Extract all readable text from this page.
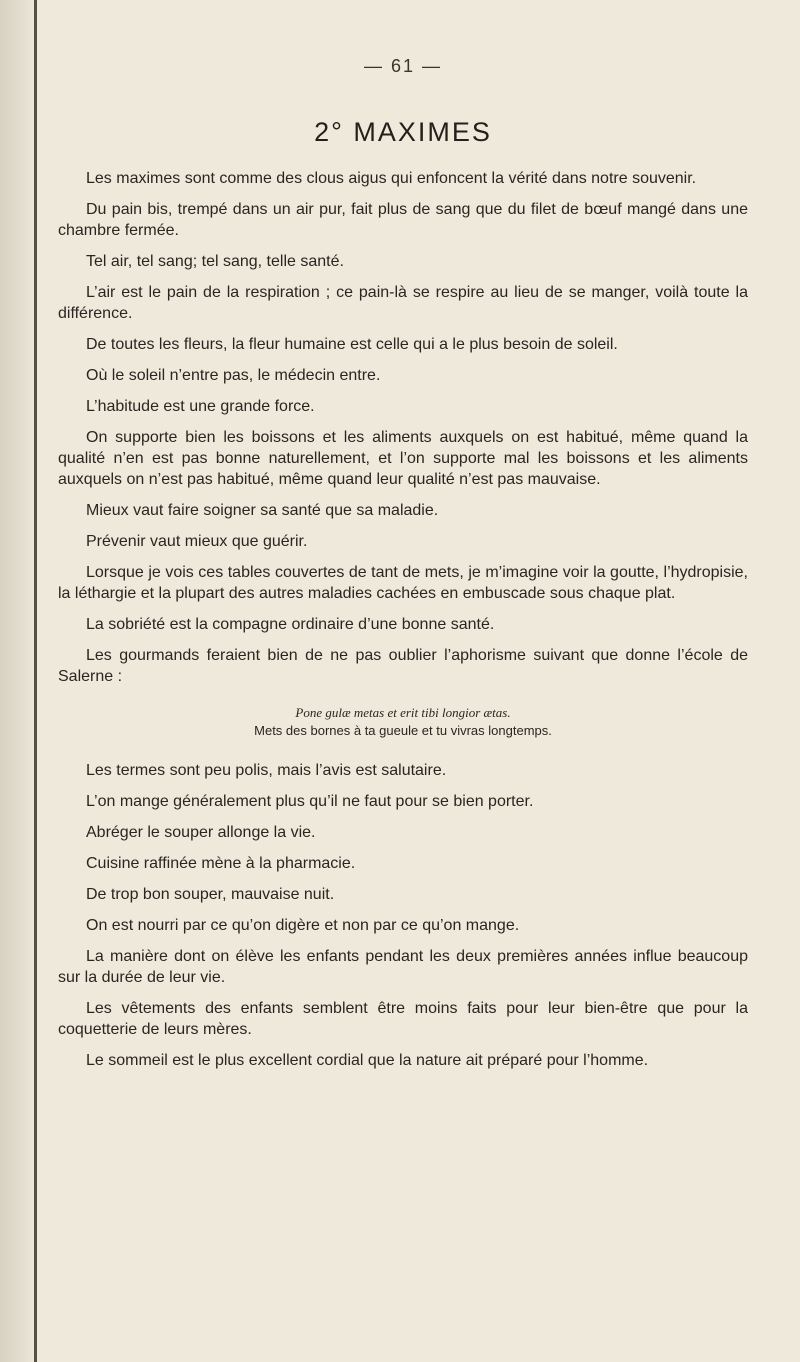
— 61 —
2° MAXIMES

Les maximes sont comme des clous aigus qui enfoncent la vérité dans notre souvenir.

Du pain bis, trempé dans un air pur, fait plus de sang que du filet de bœuf mangé dans une chambre fermée.

Tel air, tel sang; tel sang, telle santé.

L’air est le pain de la respiration ; ce pain-là se respire au lieu de se manger, voilà toute la différence.

De toutes les fleurs, la fleur humaine est celle qui a le plus besoin de soleil.

Où le soleil n’entre pas, le médecin entre.

L’habitude est une grande force.

On supporte bien les boissons et les aliments auxquels on est habitué, même quand la qualité n’en est pas bonne naturellement, et l’on supporte mal les boissons et les aliments auxquels on n’est pas habitué, même quand leur qualité n’est pas mauvaise.

Mieux vaut faire soigner sa santé que sa maladie.

Prévenir vaut mieux que guérir.

Lorsque je vois ces tables couvertes de tant de mets, je m’imagine voir la goutte, l’hydropisie, la léthargie et la plupart des autres maladies cachées en embuscade sous chaque plat.

La sobriété est la compagne ordinaire d’une bonne santé.

Les gourmands feraient bien de ne pas oublier l’aphorisme suivant que donne l’école de Salerne :

Pone gulæ metas et erit tibi longior ætas.
Mets des bornes à ta gueule et tu vivras longtemps.

Les termes sont peu polis, mais l’avis est salutaire.

L’on mange généralement plus qu’il ne faut pour se bien porter.

Abréger le souper allonge la vie.

Cuisine raffinée mène à la pharmacie.

De trop bon souper, mauvaise nuit.

On est nourri par ce qu’on digère et non par ce qu’on mange.

La manière dont on élève les enfants pendant les deux premières années influe beaucoup sur la durée de leur vie.

Les vêtements des enfants semblent être moins faits pour leur bien-être que pour la coquetterie de leurs mères.

Le sommeil est le plus excellent cordial que la nature ait préparé pour l’homme.
